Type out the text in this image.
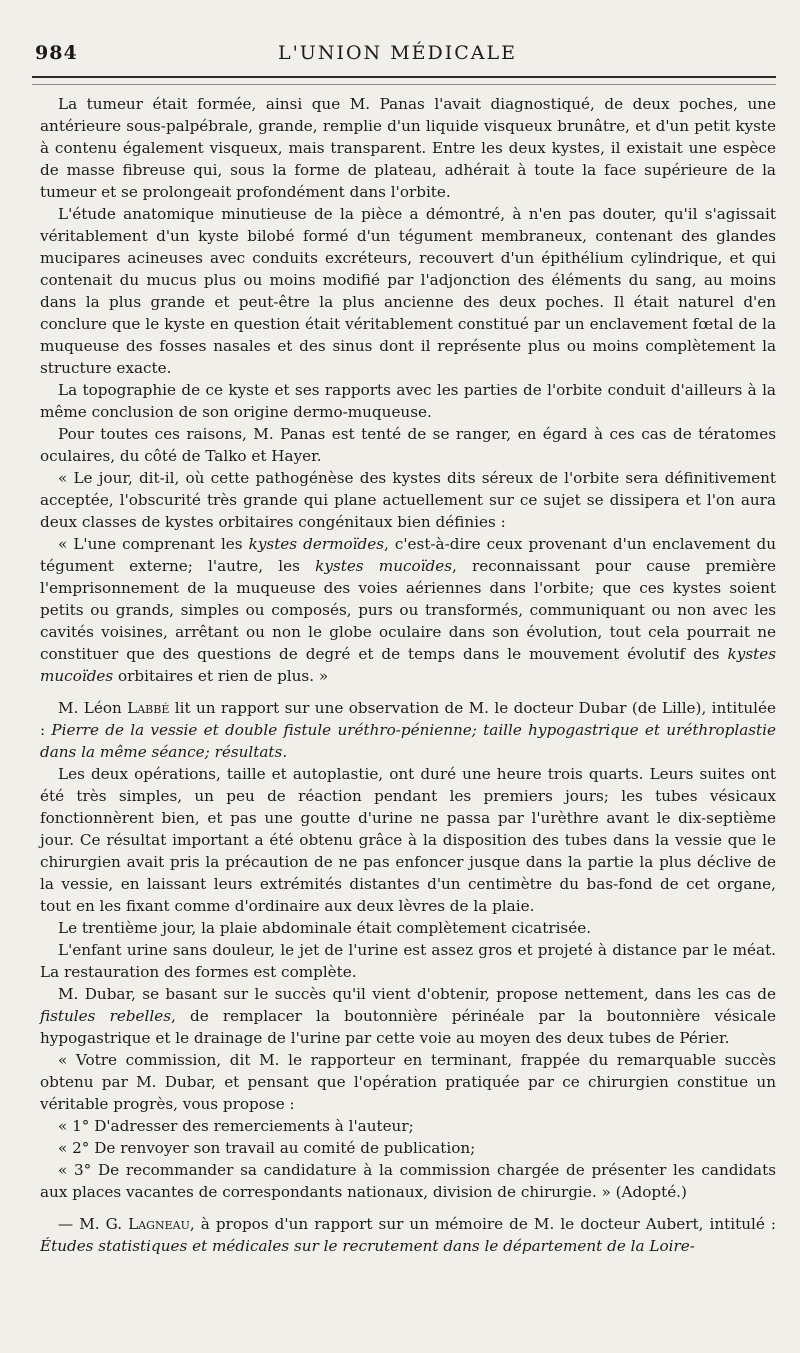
984	L'UNION MÉDICALE

La tumeur était formée, ainsi que M. Panas l'avait diagnostiqué, de deux poches, une antérieure sous-palpébrale, grande, remplie d'un liquide visqueux brunâtre, et d'un petit kyste à contenu également visqueux, mais transparent. Entre les deux kystes, il existait une espèce de masse fibreuse qui, sous la forme de plateau, adhérait à toute la face supérieure de la tumeur et se prolongeait profondément dans l'orbite.

L'étude anatomique minutieuse de la pièce a démontré, à n'en pas douter, qu'il s'agissait véritablement d'un kyste bilobé formé d'un tégument membraneux, contenant des glandes mucipares acineuses avec conduits excréteurs, recouvert d'un épithélium cylindrique, et qui contenait du mucus plus ou moins modifié par l'adjonction des éléments du sang, au moins dans la plus grande et peut-être la plus ancienne des deux poches. Il était naturel d'en conclure que le kyste en question était véritablement constitué par un enclavement fœtal de la muqueuse des fosses nasales et des sinus dont il représente plus ou moins complètement la structure exacte.

La topographie de ce kyste et ses rapports avec les parties de l'orbite conduit d'ailleurs à la même conclusion de son origine dermo-muqueuse.

Pour toutes ces raisons, M. Panas est tenté de se ranger, en égard à ces cas de tératomes oculaires, du côté de Talko et Hayer.

« Le jour, dit-il, où cette pathogénèse des kystes dits séreux de l'orbite sera définitivement acceptée, l'obscurité très grande qui plane actuellement sur ce sujet se dissipera et l'on aura deux classes de kystes orbitaires congénitaux bien définies :

« L'une comprenant les kystes dermoïdes, c'est-à-dire ceux provenant d'un enclavement du tégument externe; l'autre, les kystes mucoïdes, reconnaissant pour cause première l'emprisonnement de la muqueuse des voies aériennes dans l'orbite; que ces kystes soient petits ou grands, simples ou composés, purs ou transformés, communiquant ou non avec les cavités voisines, arrêtant ou non le globe oculaire dans son évolution, tout cela pourrait ne constituer que des questions de degré et de temps dans le mouvement évolutif des kystes mucoïdes orbitaires et rien de plus. »

M. Léon Labbé lit un rapport sur une observation de M. le docteur Dubar (de Lille), intitulée : Pierre de la vessie et double fistule uréthro-pénienne; taille hypogastrique et uréthroplastie dans la même séance; résultats.

Les deux opérations, taille et autoplastie, ont duré une heure trois quarts. Leurs suites ont été très simples, un peu de réaction pendant les premiers jours; les tubes vésicaux fonctionnèrent bien, et pas une goutte d'urine ne passa par l'urèthre avant le dix-septième jour. Ce résultat important a été obtenu grâce à la disposition des tubes dans la vessie que le chirurgien avait pris la précaution de ne pas enfoncer jusque dans la partie la plus déclive de la vessie, en laissant leurs extrémités distantes d'un centimètre du bas-fond de cet organe, tout en les fixant comme d'ordinaire aux deux lèvres de la plaie.

Le trentième jour, la plaie abdominale était complètement cicatrisée.

L'enfant urine sans douleur, le jet de l'urine est assez gros et projeté à distance par le méat. La restauration des formes est complète.

M. Dubar, se basant sur le succès qu'il vient d'obtenir, propose nettement, dans les cas de fistules rebelles, de remplacer la boutonnière périnéale par la boutonnière vésicale hypogastrique et le drainage de l'urine par cette voie au moyen des deux tubes de Périer.

« Votre commission, dit M. le rapporteur en terminant, frappée du remarquable succès obtenu par M. Dubar, et pensant que l'opération pratiquée par ce chirurgien constitue un véritable progrès, vous propose :

« 1° D'adresser des remerciements à l'auteur;

« 2° De renvoyer son travail au comité de publication;

« 3° De recommander sa candidature à la commission chargée de présenter les candidats aux places vacantes de correspondants nationaux, division de chirurgie. » (Adopté.)

— M. G. Lagneau, à propos d'un rapport sur un mémoire de M. le docteur Aubert, intitulé : Études statistiques et médicales sur le recrutement dans le département de la Loire-
